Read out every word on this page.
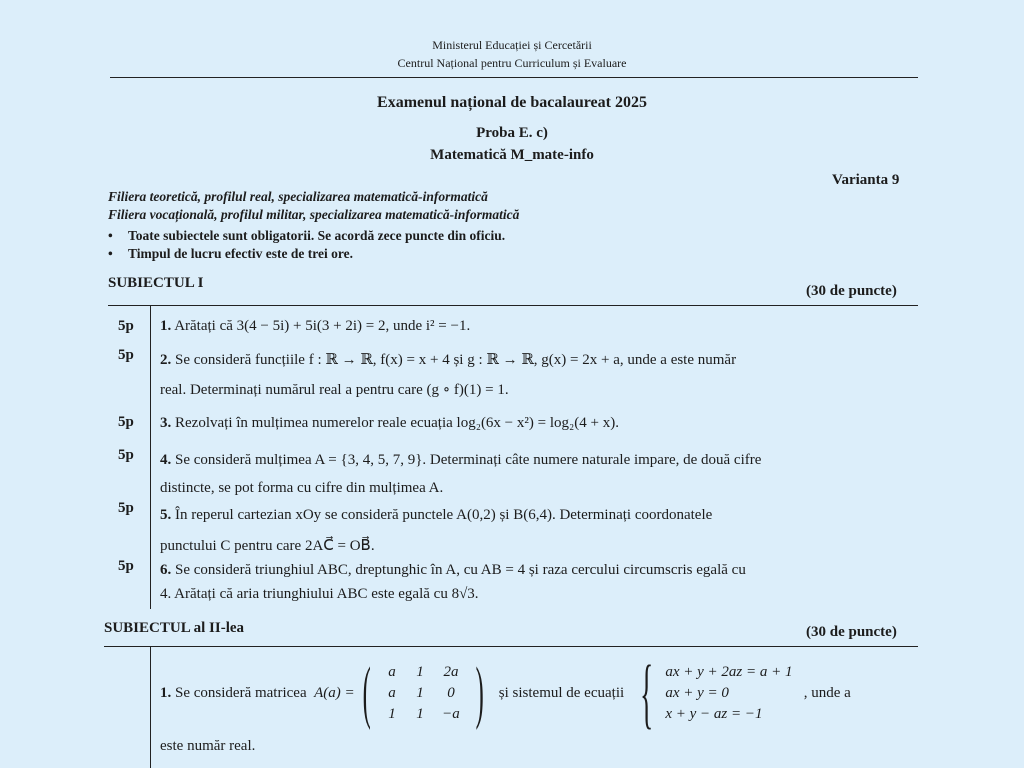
Ministerul Educației și Cercetării
Centrul Național pentru Curriculum și Evaluare
Examenul național de bacalaureat 2025
Proba E. c)
Matematică M_mate-info
Varianta 9
Filiera teoretică, profilul real, specializarea matematică-informatică
Filiera vocațională, profilul militar, specializarea matematică-informatică
• Toate subiectele sunt obligatorii. Se acordă zece puncte din oficiu.
• Timpul de lucru efectiv este de trei ore.
SUBIECTUL I	(30 de puncte)
5p 1. Arătați că 3(4 − 5i) + 5i(3 + 2i) = 2, unde i² = −1.
5p 2. Se consideră funcțiile f : ℝ → ℝ, f(x) = x + 4 și g : ℝ → ℝ, g(x) = 2x + a, unde a este număr
real. Determinați numărul real a pentru care (g ∘ f)(1) = 1.
5p 3. Rezolvați în mulțimea numerelor reale ecuația log₂(6x − x²) = log₂(4 + x).
5p 4. Se consideră mulțimea A = {3, 4, 5, 7, 9}. Determinați câte numere naturale impare, de două cifre
distincte, se pot forma cu cifre din mulțimea A.
5p 5. În reperul cartezian xOy se consideră punctele A(0,2) și B(6,4). Determinați coordonatele
punctului C pentru care 2AC⃗ = OB⃗.
5p 6. Se consideră triunghiul ABC, dreptunghic în A, cu AB = 4 și raza cercului circumscris egală cu
4. Arătați că aria triunghiului ABC este egală cu 8√3.
SUBIECTUL al II-lea	(30 de puncte)
1.
Se consideră matricea
A(a) = (	a	1	2a
a	1	0
1	1	−a )
și sistemul de ecuații
{ ax + y + 2az = a + 1
ax + y = 0
x + y − az = −1

, unde a
este număr real.
